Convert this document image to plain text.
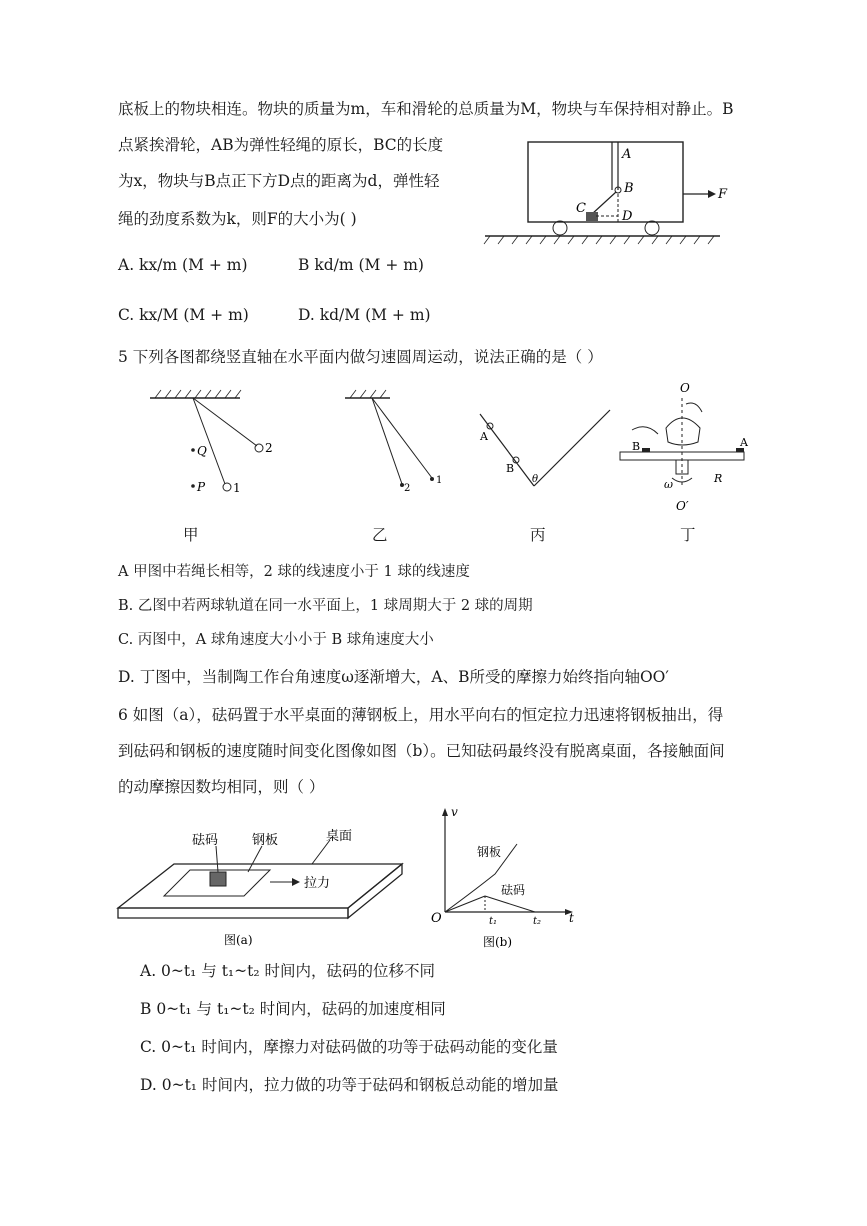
底板上的物块相连。物块的质量为m，车和滑轮的总质量为M，物块与车保持相对静止。B
点紧挨滑轮，AB为弹性轻绳的原长，BC的长度
为x，物块与B点正下方D点的距离为d，弹性轻
绳的劲度系数为k，则F的大小为( )
A. kx/m (M + m)	B kd/m (M + m)
C. kx/M (M + m)	D. kd/M (M + m)
A
B
C
D
F
5 下列各图都绕竖直轴在水平面内做匀速圆周运动，说法正确的是（ ）
Q
P
2
1	2
1
A
B
θ
O
B	A
ω	R
O′
甲	乙	丙	丁
A 甲图中若绳长相等，2 球的线速度小于 1 球的线速度
B. 乙图中若两球轨道在同一水平面上，1 球周期大于 2 球的周期
C. 丙图中，A 球角速度大小小于 B 球角速度大小
D. 丁图中，当制陶工作台角速度ω逐渐增大，A、B所受的摩擦力始终指向轴OO′
6 如图（a），砝码置于水平桌面的薄钢板上，用水平向右的恒定拉力迅速将钢板抽出，得
到砝码和钢板的速度随时间变化图像如图（b）。已知砝码最终没有脱离桌面，各接触面间
的动摩擦因数均相同，则（ ）
砝码	钢板	桌面
拉力
图(a)
v
O	t
t₁	t₂
钢板
砝码
图(b)
A. 0~t₁ 与 t₁~t₂ 时间内，砝码的位移不同
B 0~t₁ 与 t₁~t₂ 时间内，砝码的加速度相同
C. 0~t₁ 时间内，摩擦力对砝码做的功等于砝码动能的变化量
D. 0~t₁ 时间内，拉力做的功等于砝码和钢板总动能的增加量
